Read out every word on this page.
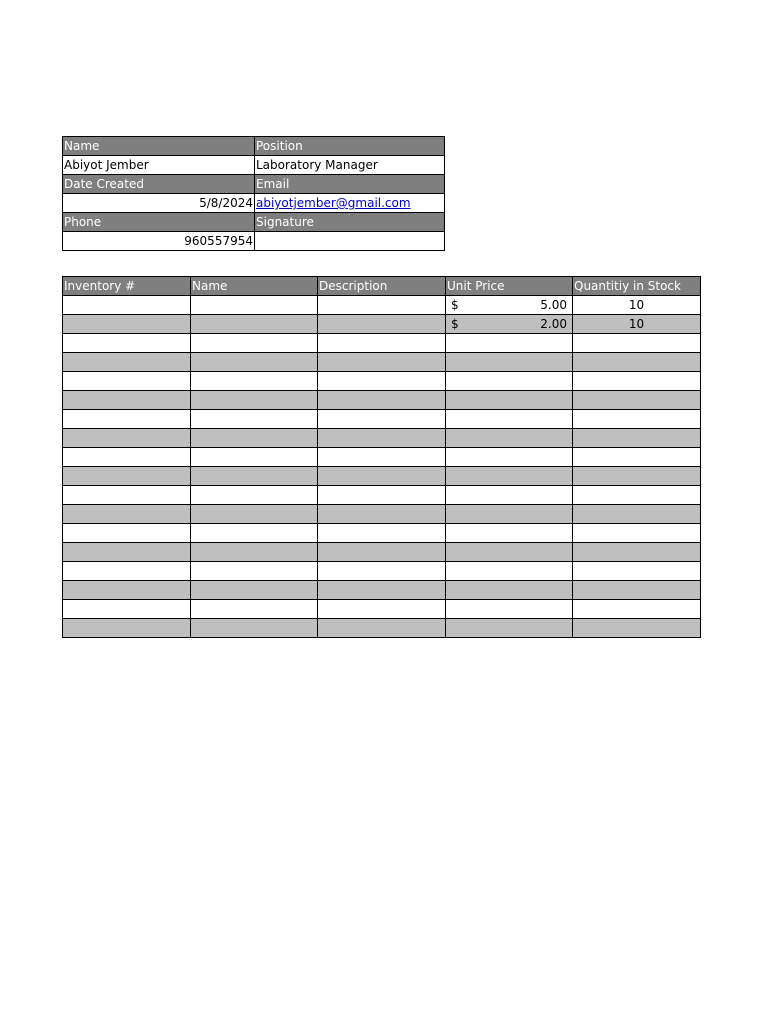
Name	Position
Abiyot Jember	Laboratory Manager
Date Created	Email
5/8/2024	abiyotjember@gmail.com
Phone	Signature
960557954	
Inventory #	Name	Description	Unit Price	Quantitiy in Stock

			$ 5.00	10

			$ 2.00	10
